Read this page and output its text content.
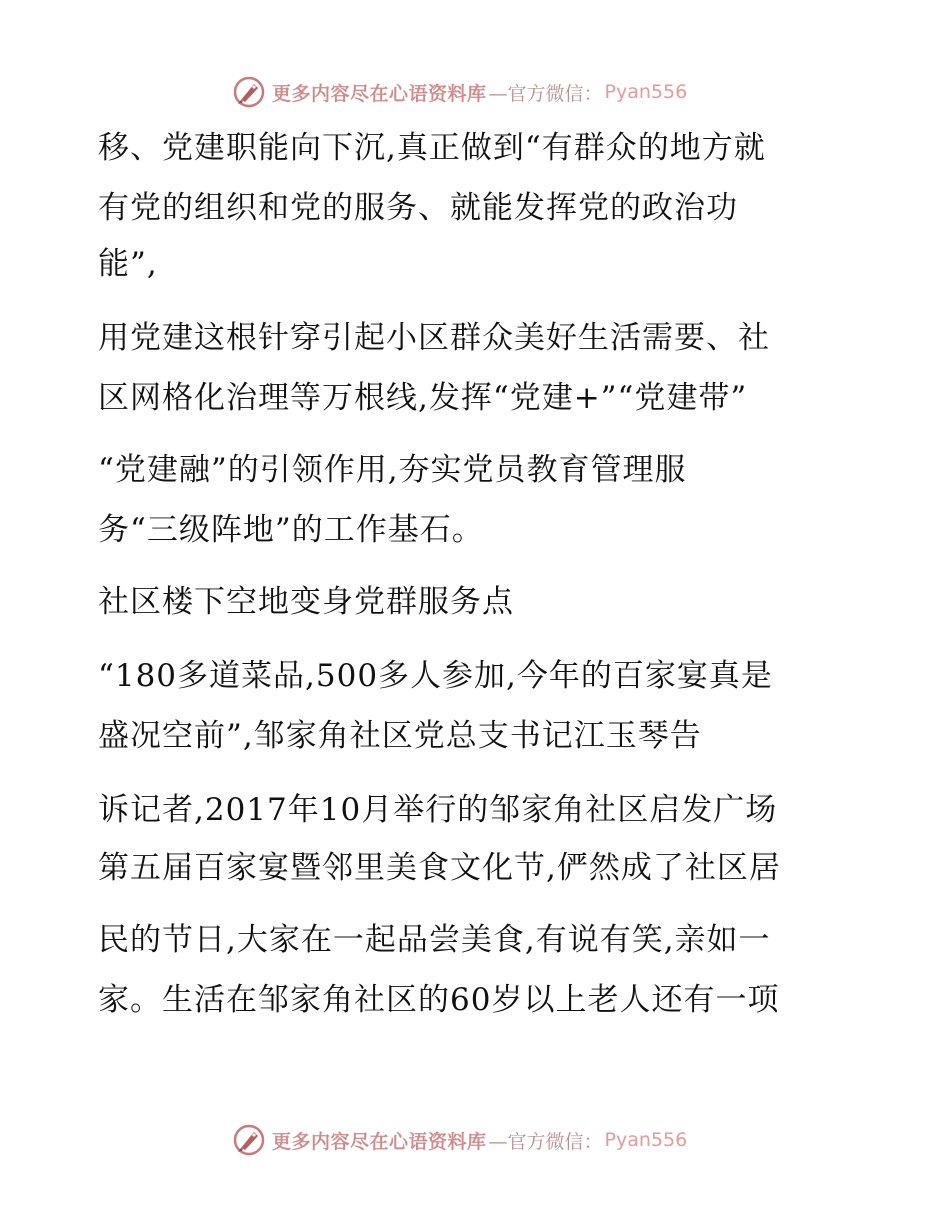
更多内容尽在心语资料库 —官方微信： Pyan556
移、党建职能向下沉,真正做到“有群众的地方就
有党的组织和党的服务、就能发挥党的政治功
能”,
用党建这根针穿引起小区群众美好生活需要、社
区网格化治理等万根线,发挥“党建+”“党建带”
“党建融”的引领作用,夯实党员教育管理服
务“三级阵地”的工作基石。
社区楼下空地变身党群服务点
“180多道菜品,500多人参加,今年的百家宴真是
盛况空前”,邹家角社区党总支书记江玉琴告
诉记者,2017年10月举行的邹家角社区启发广场
第五届百家宴暨邻里美食文化节,俨然成了社区居
民的节日,大家在一起品尝美食,有说有笑,亲如一
家。生活在邹家角社区的60岁以上老人还有一项
更多内容尽在心语资料库 —官方微信： Pyan556
